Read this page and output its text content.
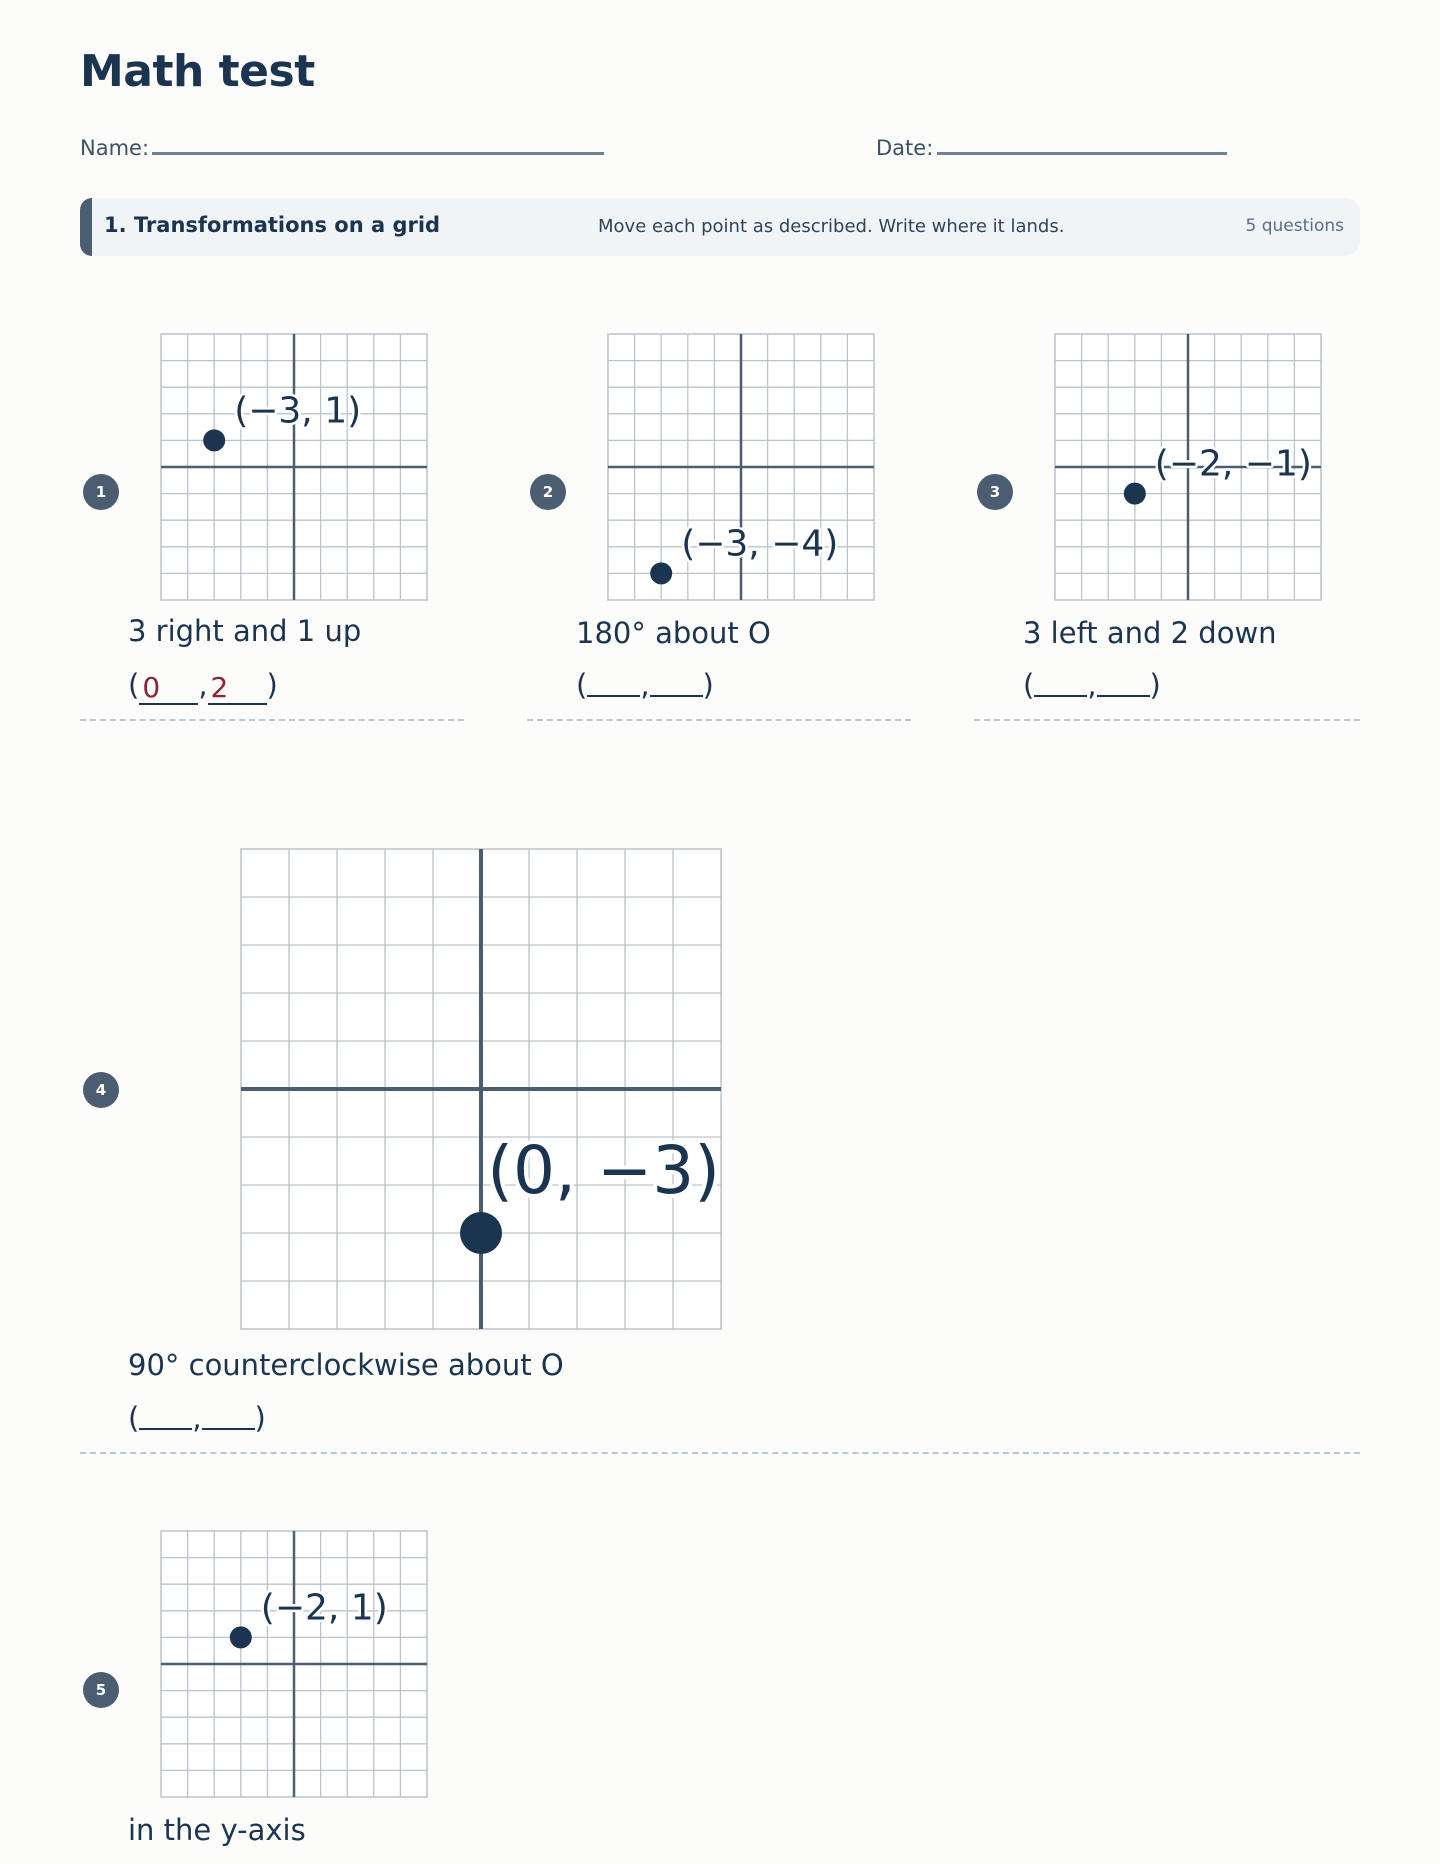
Math test
Name:	Date:
1. Transformations on a grid	Move each point as described. Write where it lands.	5 questions
1
(−3, 1)
3 right and 1 up
( 0 , 2 )
2
(−3, −4)
180° about O
( , )
3
(−2, −1)
3 left and 2 down
( , )
4
(0, −3)
90° counterclockwise about O
( , )
5
(−2, 1)
in the y-axis
